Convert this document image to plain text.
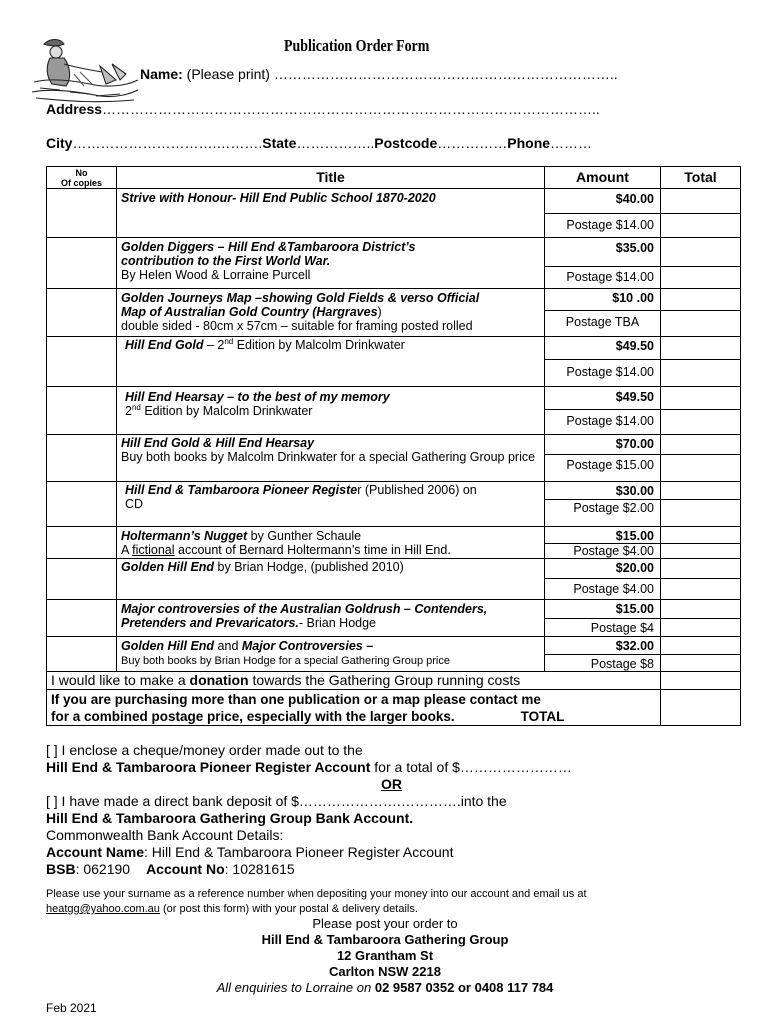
Publication Order Form
Name: (Please print) ………………………………………………………………..
Address……………………………………………………………………………………………..
City………………………….……….State……………..Postcode……………Phone………
No
Of copies	Title	Amount	Total
	Strive with Honour- Hill End Public School 1870-2020	$40.00	
		Postage $14.00	
	Golden Diggers – Hill End &Tambaroora District’s
contribution to the First World War.
By Helen Wood & Lorraine Purcell	$35.00	
		Postage $14.00	
	Golden Journeys Map –showing Gold Fields & verso Official
Map of Australian Gold Country (Hargraves)
double sided - 80cm x 57cm – suitable for framing posted rolled	$10 .00	
		Postage TBA	
	Hill End Gold – 2nd Edition by Malcolm Drinkwater	$49.50	
		Postage $14.00	
	Hill End Hearsay – to the best of my memory
2nd Edition by Malcolm Drinkwater	$49.50	
		Postage $14.00	
	Hill End Gold & Hill End Hearsay
Buy both books by Malcolm Drinkwater for a special Gathering Group price	$70.00	
		Postage $15.00	
	Hill End & Tambaroora Pioneer Register (Published 2006) on
CD	$30.00	
		Postage $2.00	
	Holtermann’s Nugget by Gunther Schaule
A fictional account of Bernard Holtermann’s time in Hill End.	$15.00	
		Postage $4.00	
	Golden Hill End by Brian Hodge, (published 2010)	$20.00	
		Postage $4.00	
	Major controversies of the Australian Goldrush – Contenders,
Pretenders and Prevaricators.- Brian Hodge	$15.00	
		Postage $4	
	Golden Hill End and Major Controversies –
Buy both books by Brian Hodge for a special Gathering Group price	$32.00	
		Postage $8	
I would like to make a donation towards the Gathering Group running costs			
If you are purchasing more than one publication or a map please contact me
for a combined postage price, especially with the larger books. TOTAL			
[ ] I enclose a cheque/money order made out to the
Hill End & Tambaroora Pioneer Register Account for a total of $……………………
OR
[ ] I have made a direct bank deposit of $………………….………….into the
Hill End & Tambaroora Gathering Group Bank Account.
Commonwealth Bank Account Details:
Account Name: Hill End & Tambaroora Pioneer Register Account
BSB: 062190 Account No: 10281615
Please use your surname as a reference number when depositing your money into our account and email us at
heatgg@yahoo.com.au (or post this form) with your postal & delivery details.
Please post your order to
Hill End & Tambaroora Gathering Group
12 Grantham St
Carlton NSW 2218
All enquiries to Lorraine on 02 9587 0352 or 0408 117 784
Feb 2021
